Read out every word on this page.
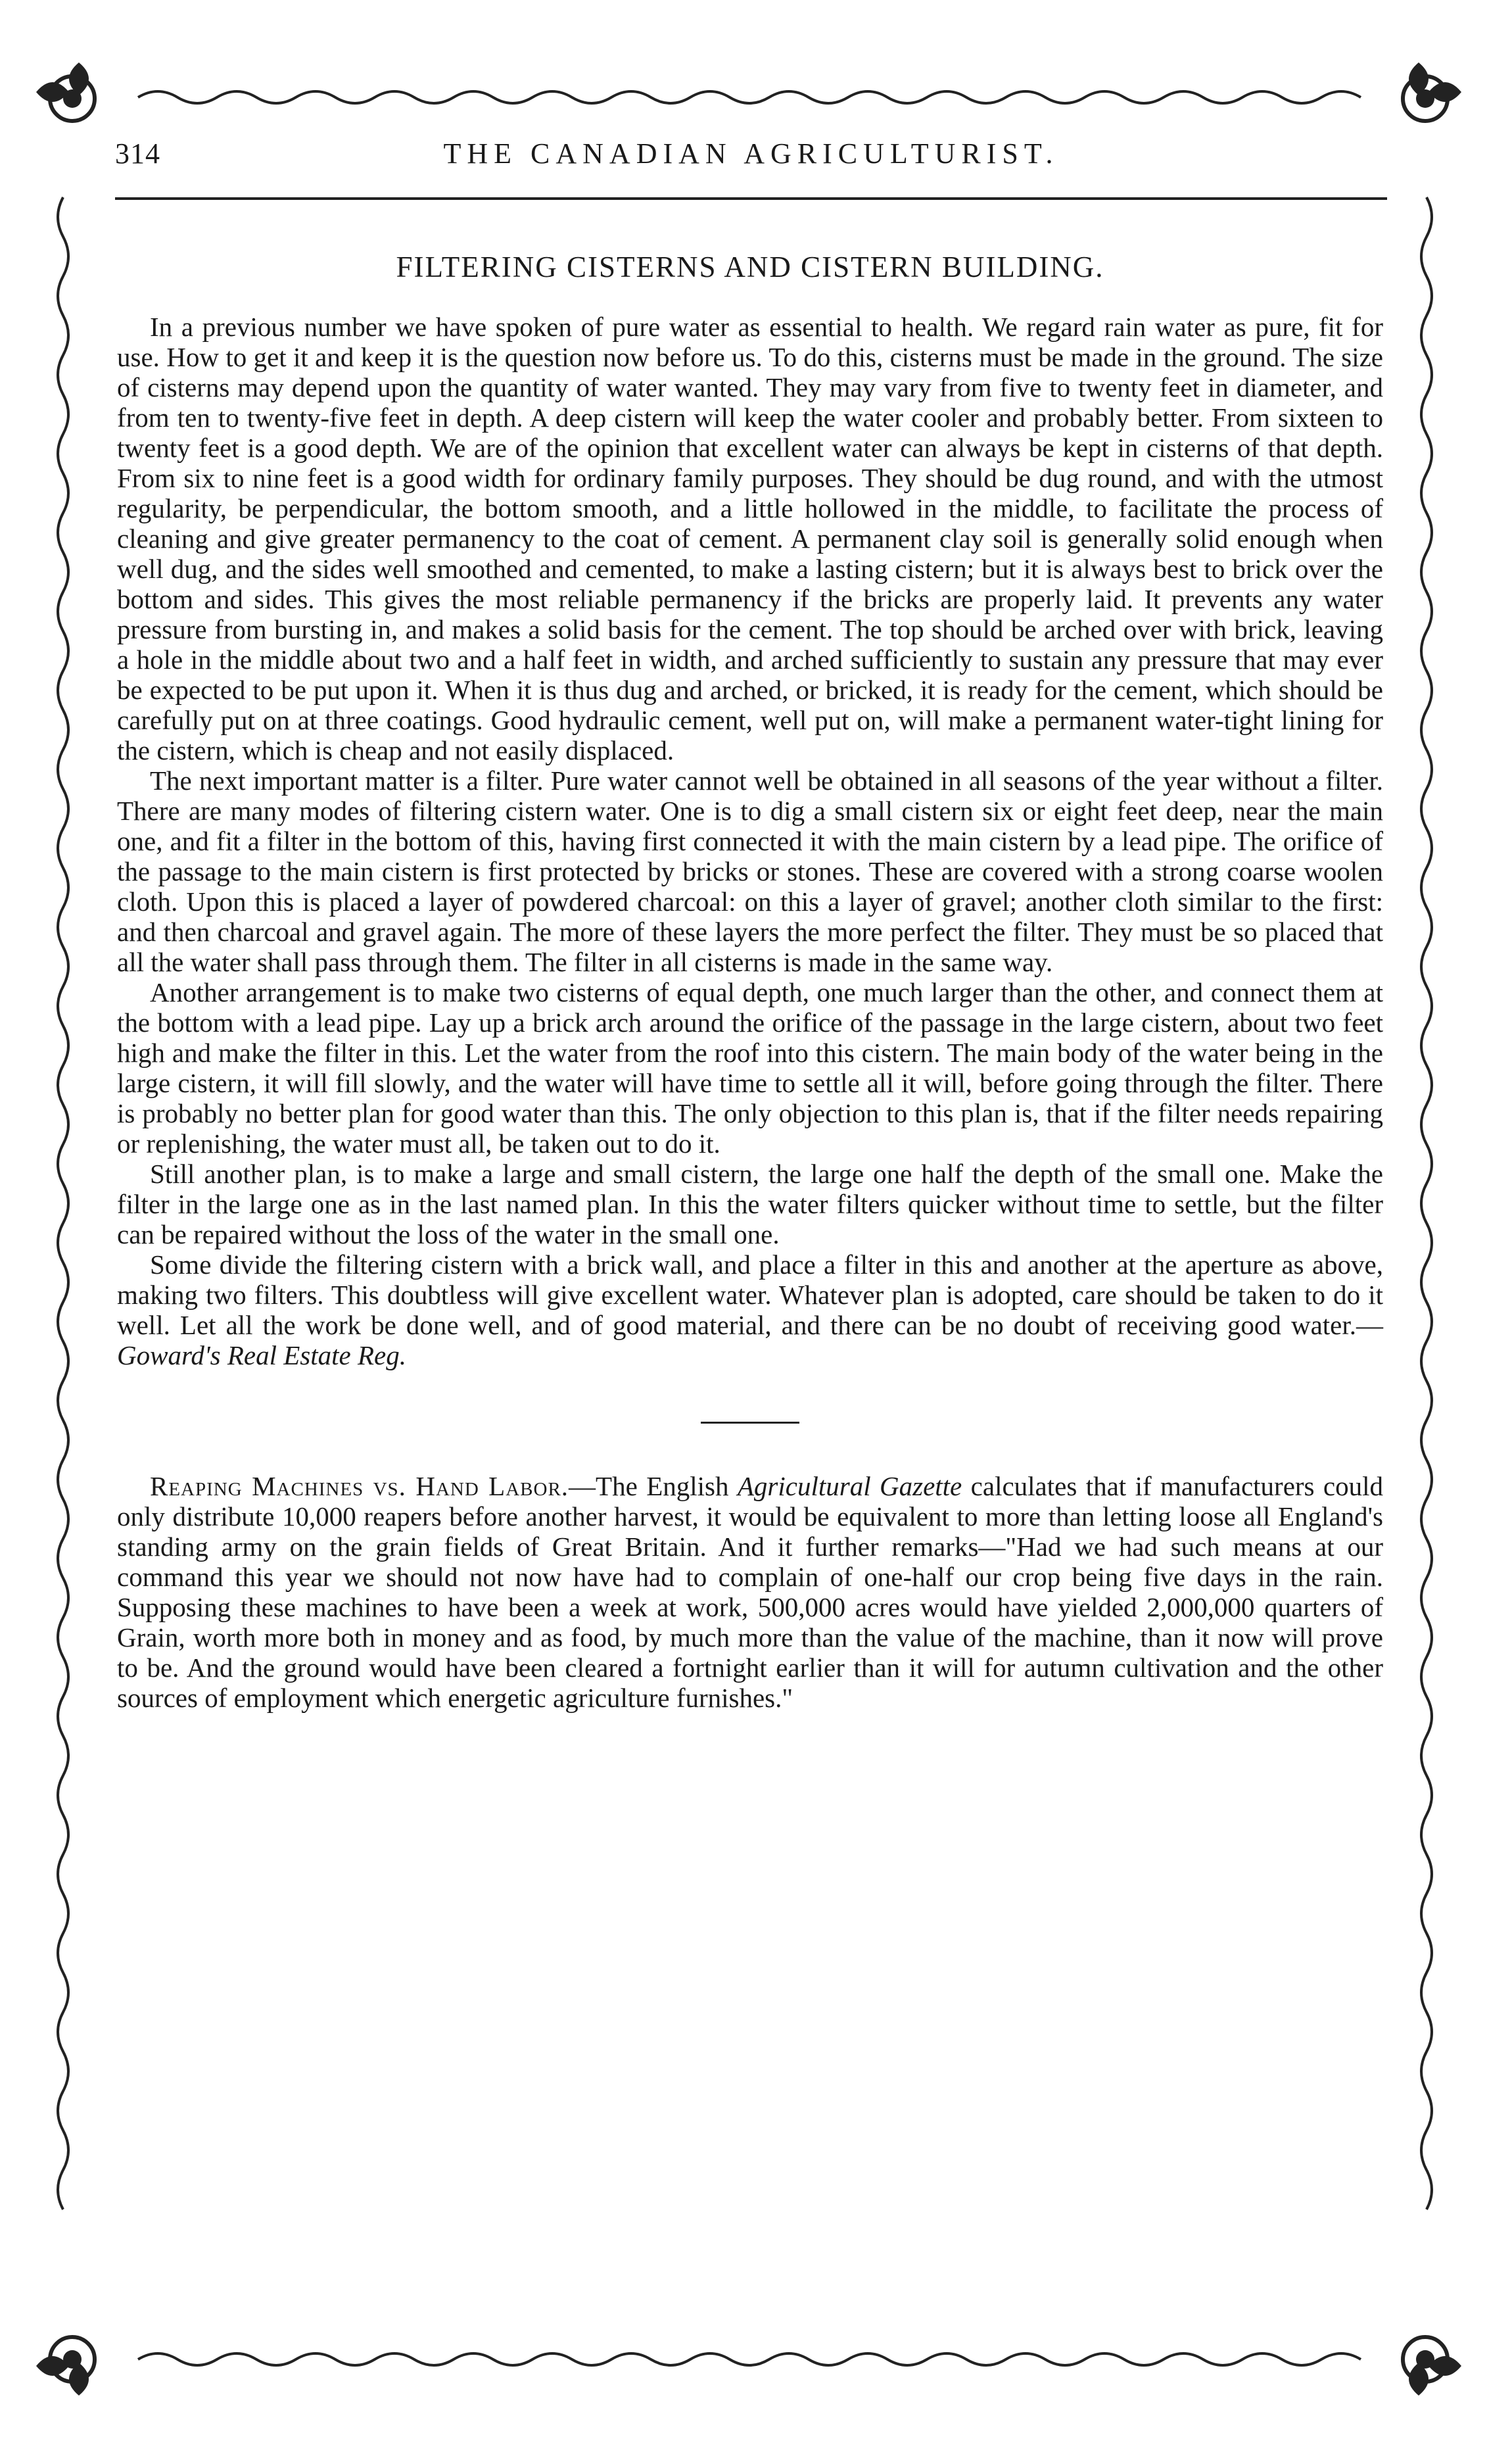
314	THE CANADIAN AGRICULTURIST.
FILTERING CISTERNS AND CISTERN BUILDING.

In a previous number we have spoken of pure water as essential to health. We regard rain water as pure, fit for use. How to get it and keep it is the question now before us. To do this, cisterns must be made in the ground. The size of cisterns may depend upon the quantity of water wanted. They may vary from five to twenty feet in diameter, and from ten to twenty-five feet in depth. A deep cistern will keep the water cooler and probably better. From sixteen to twenty feet is a good depth. We are of the opinion that excellent water can always be kept in cisterns of that depth. From six to nine feet is a good width for ordinary family purposes. They should be dug round, and with the utmost regularity, be perpendicular, the bottom smooth, and a little hollowed in the middle, to facilitate the process of cleaning and give greater permanency to the coat of cement. A permanent clay soil is generally solid enough when well dug, and the sides well smoothed and cemented, to make a lasting cistern; but it is always best to brick over the bottom and sides. This gives the most reliable permanency if the bricks are properly laid. It prevents any water pressure from bursting in, and makes a solid basis for the cement. The top should be arched over with brick, leaving a hole in the middle about two and a half feet in width, and arched sufficiently to sustain any pressure that may ever be expected to be put upon it. When it is thus dug and arched, or bricked, it is ready for the cement, which should be carefully put on at three coatings. Good hydraulic cement, well put on, will make a permanent water-tight lining for the cistern, which is cheap and not easily displaced.

The next important matter is a filter. Pure water cannot well be obtained in all seasons of the year without a filter. There are many modes of filtering cistern water. One is to dig a small cistern six or eight feet deep, near the main one, and fit a filter in the bottom of this, having first connected it with the main cistern by a lead pipe. The orifice of the passage to the main cistern is first protected by bricks or stones. These are covered with a strong coarse woolen cloth. Upon this is placed a layer of powdered charcoal: on this a layer of gravel; another cloth similar to the first: and then charcoal and gravel again. The more of these layers the more perfect the filter. They must be so placed that all the water shall pass through them. The filter in all cisterns is made in the same way.

Another arrangement is to make two cisterns of equal depth, one much larger than the other, and connect them at the bottom with a lead pipe. Lay up a brick arch around the orifice of the passage in the large cistern, about two feet high and make the filter in this. Let the water from the roof into this cistern. The main body of the water being in the large cistern, it will fill slowly, and the water will have time to settle all it will, before going through the filter. There is probably no better plan for good water than this. The only objection to this plan is, that if the filter needs repairing or replenishing, the water must all, be taken out to do it.

Still another plan, is to make a large and small cistern, the large one half the depth of the small one. Make the filter in the large one as in the last named plan. In this the water filters quicker without time to settle, but the filter can be repaired without the loss of the water in the small one.

Some divide the filtering cistern with a brick wall, and place a filter in this and another at the aperture as above, making two filters. This doubtless will give excellent water. Whatever plan is adopted, care should be taken to do it well. Let all the work be done well, and of good material, and there can be no doubt of receiving good water.—Goward's Real Estate Reg.

Reaping Machines vs. Hand Labor.—The English Agricultural Gazette calculates that if manufacturers could only distribute 10,000 reapers before another harvest, it would be equivalent to more than letting loose all England's standing army on the grain fields of Great Britain. And it further remarks—"Had we had such means at our command this year we should not now have had to complain of one-half our crop being five days in the rain. Supposing these machines to have been a week at work, 500,000 acres would have yielded 2,000,000 quarters of Grain, worth more both in money and as food, by much more than the value of the machine, than it now will prove to be. And the ground would have been cleared a fortnight earlier than it will for autumn cultivation and the other sources of employment which energetic agriculture furnishes."
